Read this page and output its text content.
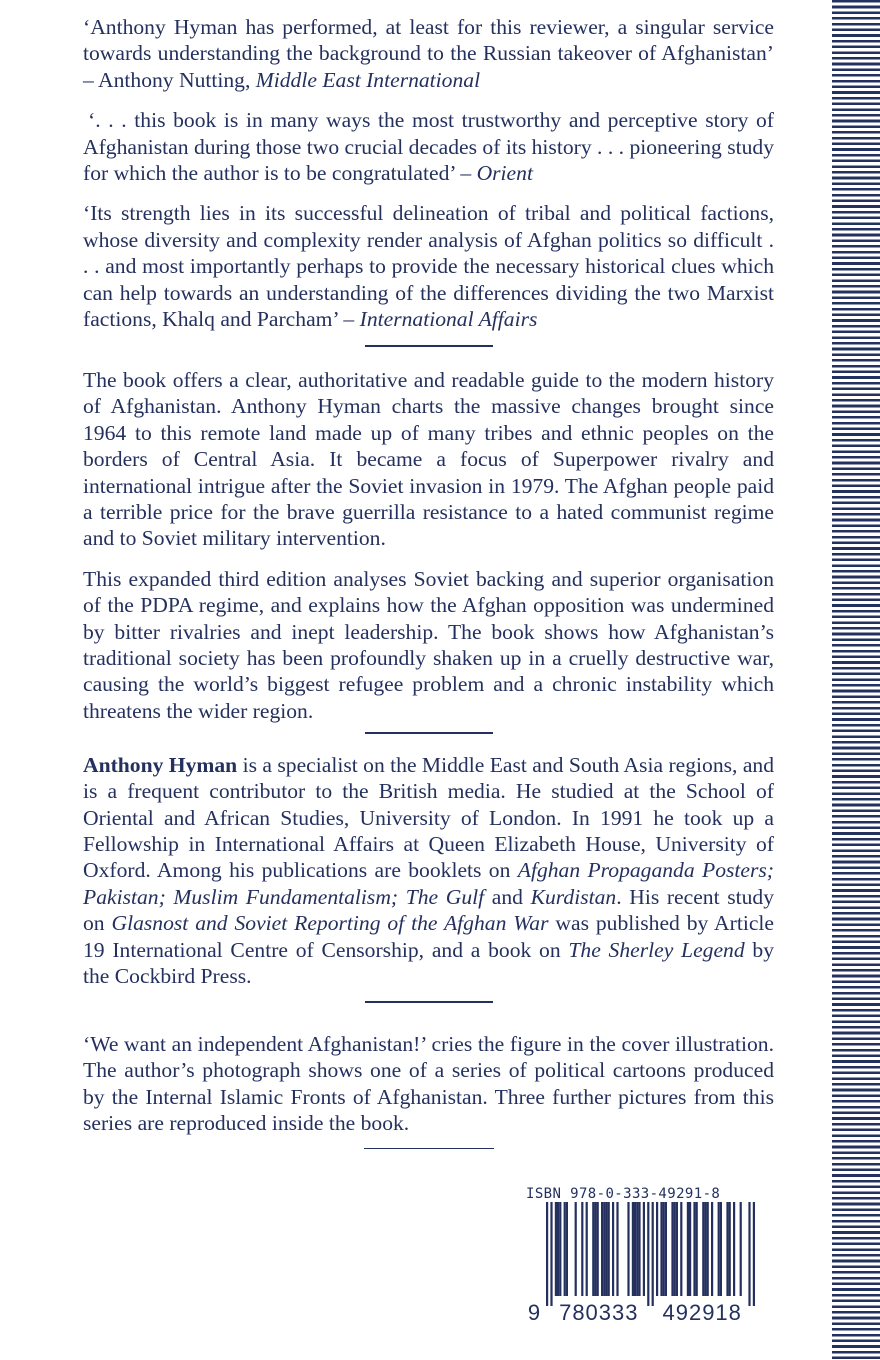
‘Anthony Hyman has performed, at least for this reviewer, a singular service towards understanding the background to the Russian takeover of Afghanistan’ – Anthony Nutting, Middle East International

‘. . . this book is in many ways the most trustworthy and perceptive story of Afghanistan during those two crucial decades of its history . . . pioneering study for which the author is to be congratulated’ – Orient

‘Its strength lies in its successful delineation of tribal and political factions, whose diversity and complexity render analysis of Afghan politics so difficult . . . and most importantly perhaps to provide the necessary historical clues which can help towards an understanding of the differences dividing the two Marxist factions, Khalq and Parcham’ – International Affairs

The book offers a clear, authoritative and readable guide to the modern history of Afghanistan. Anthony Hyman charts the massive changes brought since 1964 to this remote land made up of many tribes and ethnic peoples on the borders of Central Asia. It became a focus of Superpower rivalry and international intrigue after the Soviet invasion in 1979. The Afghan people paid a terrible price for the brave guerrilla resistance to a hated communist regime and to Soviet military intervention.

This expanded third edition analyses Soviet backing and superior organisation of the PDPA regime, and explains how the Afghan opposition was undermined by bitter rivalries and inept leadership. The book shows how Afghanistan’s traditional society has been profoundly shaken up in a cruelly destructive war, causing the world’s biggest refugee problem and a chronic instability which threatens the wider region.

Anthony Hyman is a specialist on the Middle East and South Asia regions, and is a frequent contributor to the British media. He studied at the School of Oriental and African Studies, University of London. In 1991 he took up a Fellowship in International Affairs at Queen Elizabeth House, University of Oxford. Among his publications are booklets on Afghan Propaganda Posters; Pakistan; Muslim Fundamentalism; The Gulf and Kurdistan. His recent study on Glasnost and Soviet Reporting of the Afghan War was published by Article 19 International Centre of Censorship, and a book on The Sherley Legend by the Cockbird Press.

‘We want an independent Afghanistan!’ cries the figure in the cover illustration. The author’s photograph shows one of a series of political cartoons produced by the Internal Islamic Fronts of Afghanistan. Three further pictures from this series are reproduced inside the book.

ISBN 978-0-333-49291-8
9 780333 492918
